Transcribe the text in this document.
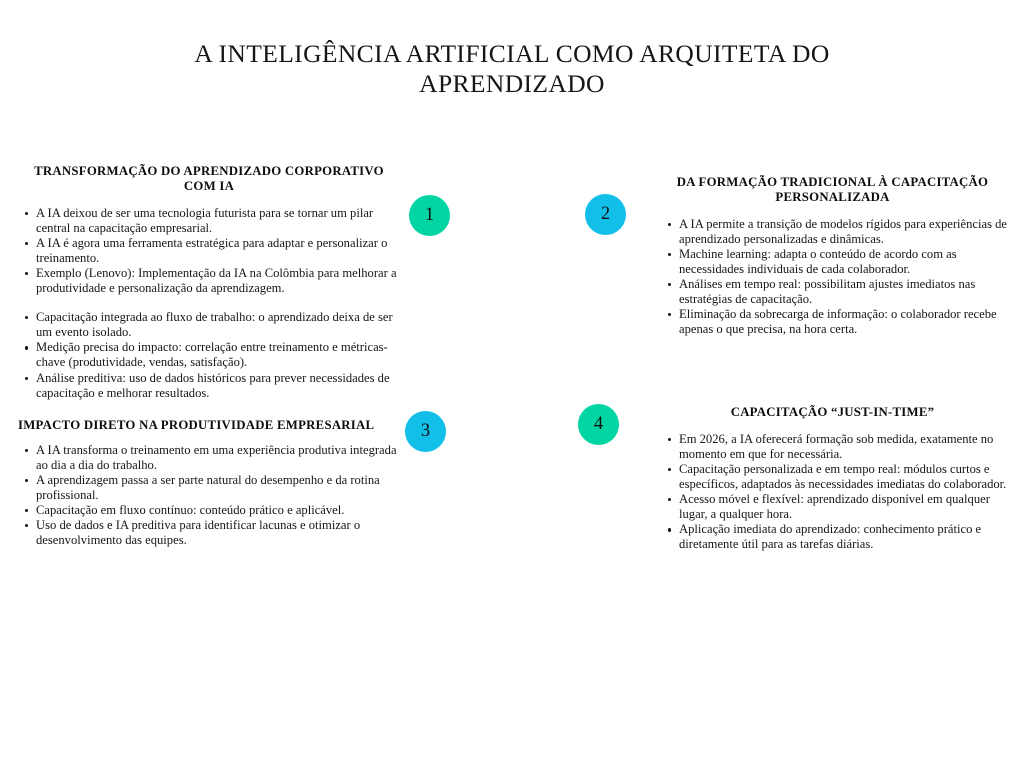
A INTELIGÊNCIA ARTIFICIAL COMO ARQUITETA DO APRENDIZADO
TRANSFORMAÇÃO DO APRENDIZADO CORPORATIVO COM IA
A IA deixou de ser uma tecnologia futurista para se tornar um pilar central na capacitação empresarial.
A IA é agora uma ferramenta estratégica para adaptar e personalizar o treinamento.
Exemplo (Lenovo): Implementação da IA na Colômbia para melhorar a produtividade e personalização da aprendizagem.
Capacitação integrada ao fluxo de trabalho: o aprendizado deixa de ser um evento isolado.
Medição precisa do impacto: correlação entre treinamento e métricas-chave (produtividade, vendas, satisfação).
Análise preditiva: uso de dados históricos para prever necessidades de capacitação e melhorar resultados.
DA FORMAÇÃO TRADICIONAL À CAPACITAÇÃO PERSONALIZADA
A IA permite a transição de modelos rígidos para experiências de aprendizado personalizadas e dinâmicas.
Machine learning: adapta o conteúdo de acordo com as necessidades individuais de cada colaborador.
Análises em tempo real: possibilitam ajustes imediatos nas estratégias de capacitação.
Eliminação da sobrecarga de informação: o colaborador recebe apenas o que precisa, na hora certa.
IMPACTO DIRETO NA PRODUTIVIDADE EMPRESARIAL
A IA transforma o treinamento em uma experiência produtiva integrada ao dia a dia do trabalho.
A aprendizagem passa a ser parte natural do desempenho e da rotina profissional.
Capacitação em fluxo contínuo: conteúdo prático e aplicável.
Uso de dados e IA preditiva para identificar lacunas e otimizar o desenvolvimento das equipes.
CAPACITAÇÃO “JUST-IN-TIME”
Em 2026, a IA oferecerá formação sob medida, exatamente no momento em que for necessária.
Capacitação personalizada e em tempo real: módulos curtos e específicos, adaptados às necessidades imediatas do colaborador.
Acesso móvel e flexível: aprendizado disponível em qualquer lugar, a qualquer hora.
Aplicação imediata do aprendizado: conhecimento prático e diretamente útil para as tarefas diárias.
1	2
3	4
